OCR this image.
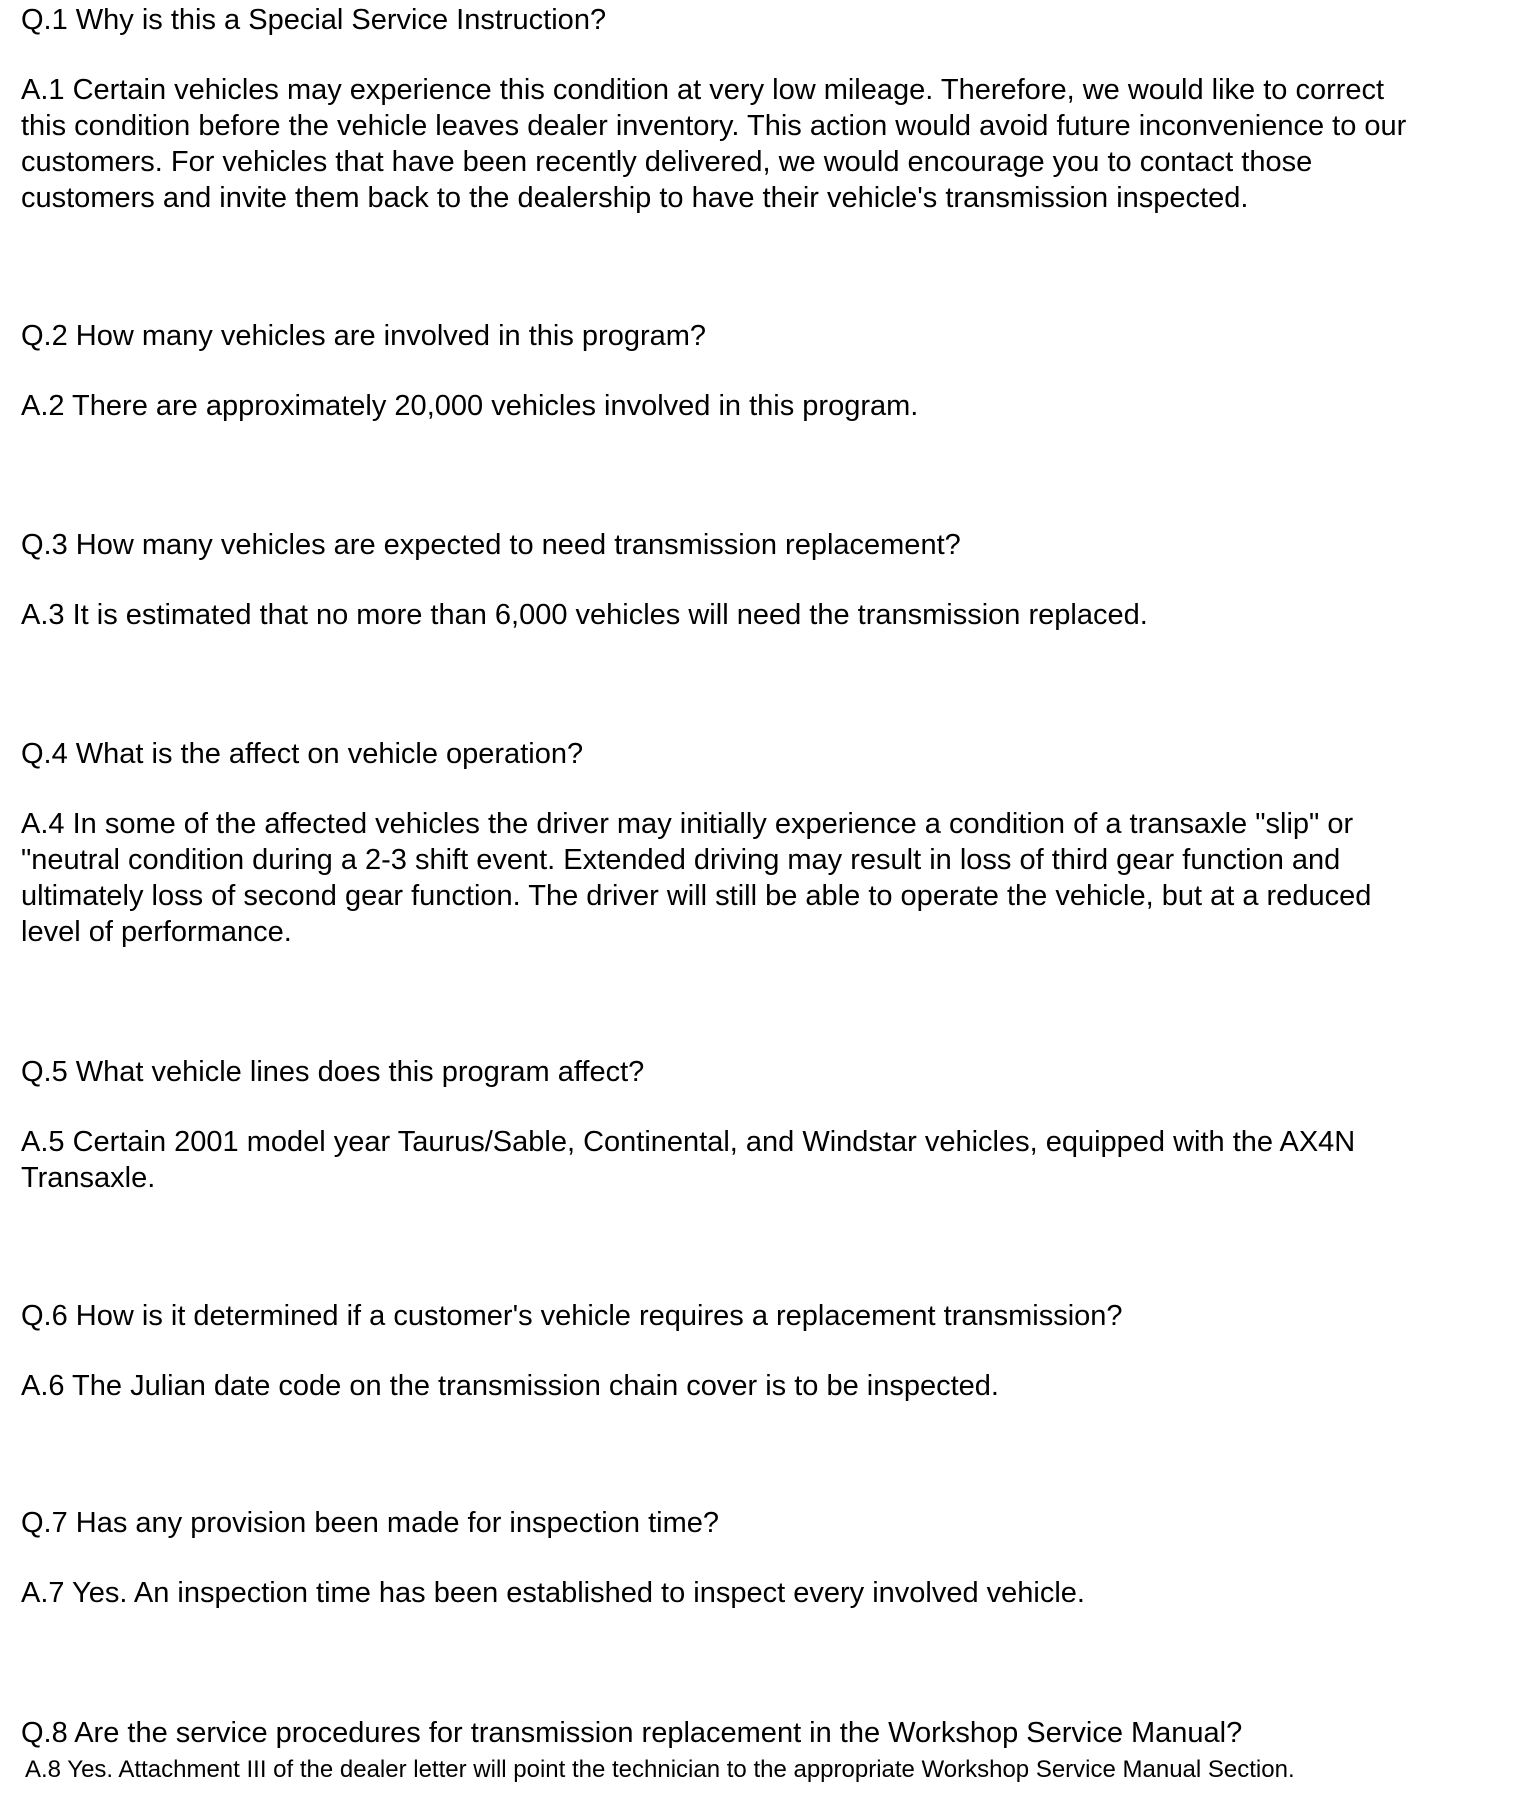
Q.1 Why is this a Special Service Instruction?
A.1 Certain vehicles may experience this condition at very low mileage. Therefore, we would like to correct
this condition before the vehicle leaves dealer inventory. This action would avoid future inconvenience to our
customers. For vehicles that have been recently delivered, we would encourage you to contact those
customers and invite them back to the dealership to have their vehicle's transmission inspected.
Q.2 How many vehicles are involved in this program?
A.2 There are approximately 20,000 vehicles involved in this program.
Q.3 How many vehicles are expected to need transmission replacement?
A.3 It is estimated that no more than 6,000 vehicles will need the transmission replaced.
Q.4 What is the affect on vehicle operation?
A.4 In some of the affected vehicles the driver may initially experience a condition of a transaxle "slip" or
"neutral condition during a 2-3 shift event. Extended driving may result in loss of third gear function and
ultimately loss of second gear function. The driver will still be able to operate the vehicle, but at a reduced
level of performance.
Q.5 What vehicle lines does this program affect?
A.5 Certain 2001 model year Taurus/Sable, Continental, and Windstar vehicles, equipped with the AX4N
Transaxle.
Q.6 How is it determined if a customer's vehicle requires a replacement transmission?
A.6 The Julian date code on the transmission chain cover is to be inspected.
Q.7 Has any provision been made for inspection time?
A.7 Yes. An inspection time has been established to inspect every involved vehicle.
Q.8 Are the service procedures for transmission replacement in the Workshop Service Manual?
A.8 Yes. Attachment III of the dealer letter will point the technician to the appropriate Workshop Service Manual Section.
